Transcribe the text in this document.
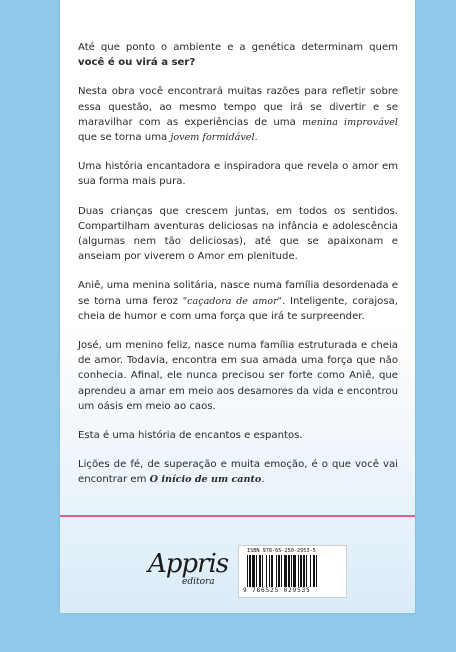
Até que ponto o ambiente e a genética determinam quem você é ou virá a ser?

Nesta obra você encontrará muitas razões para refletir sobre essa questão, ao mesmo tempo que irá se divertir e se maravilhar com as experiências de uma menina improvável que se torna uma jovem formidável.

Uma história encantadora e inspiradora que revela o amor em sua forma mais pura.

Duas crianças que crescem juntas, em todos os sentidos. Compartilham aventuras deliciosas na infância e adolescência (algumas nem tão deliciosas), até que se apaixonam e anseiam por viverem o Amor em plenitude.

Aniê, uma menina solitária, nasce numa família desordenada e se torna uma feroz "caçadora de amor". Inteligente, corajosa, cheia de humor e com uma força que irá te surpreender.

José, um menino feliz, nasce numa família estruturada e cheia de amor. Todavia, encontra em sua amada uma força que não conhecia. Afinal, ele nunca precisou ser forte como Aniê, que aprendeu a amar em meio aos desamores da vida e encontrou um oásis em meio ao caos.

Esta é uma história de encantos e espantos.

Lições de fé, de superação e muita emoção, é o que você vai encontrar em O início de um canto.

Appris
editora
ISBN 978-65-250-2953-5
9 786525 029535
